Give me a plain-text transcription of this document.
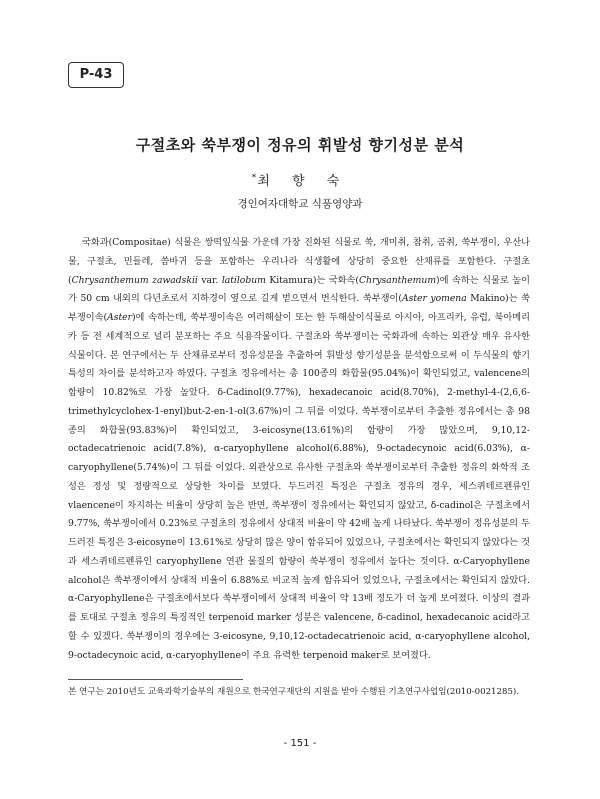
P-43
구절초와 쑥부쟁이 정유의 휘발성 향기성분 분석
*최 향 숙
경인여자대학교 식품영양과

국화과(Compositae) 식물은 쌍떡잎식물 가운데 가장 진화된 식물로 쑥, 개미취, 참취, 곰취, 쑥부쟁이, 우산나물, 구절초, 민들레, 씀바귀 등을 포함하는 우리나라 식생활에 상당히 중요한 산채류를 포함한다. 구절초(Chrysanthemum zawadskii var. latilobum Kitamura)는 국화속(Chrysanthemum)에 속하는 식물로 높이가 50 cm 내외의 다년초로서 지하경이 옆으로 길게 벋으면서 번식한다. 쑥부쟁이(Aster yomena Makino)는 쑥부쟁이속(Aster)에 속하는데, 쑥부쟁이속은 여러해살이 또는 한 두해살이식물로 아시아, 아프리카, 유럽, 북아메리카 등 전 세계적으로 널리 분포하는 주요 식용작물이다. 구절초와 쑥부쟁이는 국화과에 속하는 외관상 매우 유사한 식물이다. 본 연구에서는 두 산채류로부터 정유성분을 추출하여 휘발성 향기성분을 분석함으로써 이 두식물의 향기 특성의 차이를 분석하고자 하였다. 구절초 정유에서는 총 100종의 화합물(95.04%)이 확인되었고, valencene의 함량이 10.82%로 가장 높았다. δ-Cadinol(9.77%), hexadecanoic acid(8.70%), 2-methyl-4-(2,6,6-trimethylcyclohex-1-enyl)but-2-en-1-ol(3.67%)이 그 뒤를 이었다. 쑥부쟁이로부터 추출한 정유에서는 총 98종의 화합물(93.83%)이 확인되었고, 3-eicosyne(13.61%)의 함량이 가장 많았으며, 9,10,12-octadecatrienoic acid(7.8%), α-caryophyllene alcohol(6.88%), 9-octadecynoic acid(6.03%), α-caryophyllene(5.74%)이 그 뒤를 이었다. 외관상으로 유사한 구절초와 쑥부쟁이로부터 추출한 정유의 화학적 조성은 정성 및 정량적으로 상당한 차이를 보였다. 두드러진 특징은 구절초 정유의 경우, 세스퀴테르펜류인 vlaencene이 차지하는 비율이 상당히 높은 반면, 쑥부쟁이 정유에서는 확인되지 않았고, δ-cadinol은 구절초에서 9.77%, 쑥부쟁이에서 0.23%로 구절초의 정유에서 상대적 비율이 약 42배 높게 나타났다. 쑥부쟁이 정유성분의 두드러진 특징은 3-eicosyne이 13.61%로 상당히 많은 양이 함유되어 있었으나, 구절초에서는 확인되지 않았다는 것과 세스퀴테르펜류인 caryophyllene 연관 물질의 함량이 쑥부쟁이 정유에서 높다는 것이다. α-Caryophyllene alcohol은 쑥부쟁이에서 상대적 비율이 6.88%로 비교적 높게 함유되어 있었으나, 구절초에서는 확인되지 않았다. α-Caryophyllene은 구절초에서보다 쑥부쟁이에서 상대적 비율이 약 13배 정도가 더 높게 보여졌다. 이상의 결과를 토대로 구절초 정유의 특징적인 terpenoid marker 성분은 valencene, δ-cadinol, hexadecanoic acid라고 할 수 있겠다. 쑥부쟁이의 경우에는 3-eicosyne, 9,10,12-octadecatrienoic acid, α-caryophyllene alcohol, 9-octadecynoic acid, α-caryophyllene이 주요 유력한 terpenoid maker로 보여졌다.

본 연구는 2010년도 교육과학기술부의 재원으로 한국연구재단의 지원을 받아 수행된 기초연구사업임(2010-0021285).

- 151 -
